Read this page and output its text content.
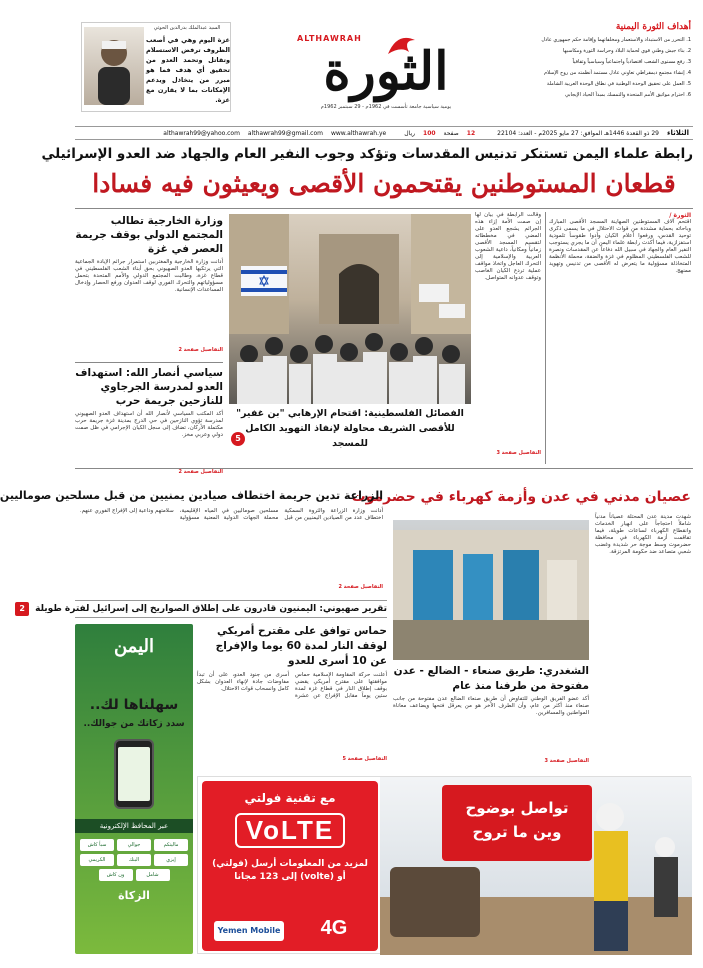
السيد عبدالملك بدرالدين الحوثي
غزة اليوم وهي في أصعب الظروف ترفض الاستسلام وتقاتل وتحمد العدو من تحقيق أي هدف فما هو مبرر من يتخاذل ويدعم الإمكانات بما لا يقارن مع غزة.
ALTHAWRAH
الثورة
يومية سياسية جامعة تأسست في 1962م - 29 سبتمبر 1962م
أهداف الثورة اليمنية
1. التحرر من الاستبداد والاستعمار ومخلفاتهما وإقامة حكم جمهوري عادل
2. بناء جيش وطني قوي لحماية البلاد وحراسة الثورة ومكاسبها
3. رفع مستوى الشعب اقتصادياً واجتماعياً وسياسياً وثقافياً
4. إنشاء مجتمع ديمقراطي تعاوني عادل مستمد أنظمته من روح الإسلام
5. العمل على تحقيق الوحدة الوطنية في نطاق الوحدة العربية الشاملة
6. احترام مواثيق الأمم المتحدة والتمسك بمبدأ الحياد الإيجابي
الثلاثاء
29 ذو القعدة 1446هـ الموافق: 27 مايو 2025م - العدد: 22104
12
صفحة
100
ريال
www.althawrah.ye
althawrah99@gmail.com
althawrah99@yahoo.com
رابطة علماء اليمن تستنكر تدنيس المقدسات وتؤكد وجوب النفير العام والجهاد ضد العدو الإسرائيلي
قطعان المستوطنين يقتحمون الأقصى ويعيثون فيه فسادا
الثورة /
اقتحم آلاف المستوطنين الصهاينة المسجد الأقصى المبارك وباحاته بحماية مشددة من قوات الاحتلال في ما يسمى ذكرى توحيد القدس، ورفعوا أعلام الكيان وأدوا طقوساً تلمودية استفزازية، فيما أكدت رابطة علماء اليمن أن ما يجري يستوجب النفير العام والجهاد في سبيل الله دفاعاً عن المقدسات ونصرة للشعب الفلسطيني المظلوم في غزة والضفة، محملة الأنظمة المتخاذلة مسؤولية ما يتعرض له الأقصى من تدنيس وتهويد ممنهج.
وقالت الرابطة في بيان لها إن صمت الأمة إزاء هذه الجرائم يشجع العدو على المضي في مخططاته لتقسيم المسجد الأقصى زمانياً ومكانياً، داعية الشعوب العربية والإسلامية إلى التحرك العاجل واتخاذ مواقف عملية تردع الكيان الغاصب وتوقف عدوانه المتواصل.
التفاصيل صفحة 3
الفصائل الفلسطينية: اقتحام الإرهابي "بن غفير" للأقصى الشريف محاولة لإنفاذ التهويد الكامل للمسجد
5
وزارة الخارجية تطالب المجتمع الدولي بوقف جريمة العصر في غزة
أدانت وزارة الخارجية والمغتربين استمرار جرائم الإبادة الجماعية التي يرتكبها العدو الصهيوني بحق أبناء الشعب الفلسطيني في قطاع غزة، وطالبت المجتمع الدولي والأمم المتحدة بتحمل مسؤولياتهم والتحرك الفوري لوقف العدوان ورفع الحصار وإدخال المساعدات الإنسانية.
التفاصيل صفحة 2
سياسي أنصار الله: استهداف العدو لمدرسة الجرجاوي للنازحين جريمة حرب
أكد المكتب السياسي لأنصار الله أن استهداف العدو الصهيوني لمدرسة تؤوي النازحين في حي الدرج بمدينة غزة جريمة حرب مكتملة الأركان، تضاف إلى سجل الكيان الإجرامي في ظل صمت دولي وعربي مخز.
التفاصيل صفحة 2
عصيان مدني في عدن وأزمة كهرباء في حضرموت
الزراعة تدين جريمة اختطاف صيادين يمنيين من قبل مسلحين صوماليين
شهدت مدينة عدن المحتلة عصياناً مدنياً شاملاً احتجاجاً على انهيار الخدمات وانقطاع الكهرباء لساعات طويلة، فيما تفاقمت أزمة الكهرباء في محافظة حضرموت وسط موجة حر شديدة وغضب شعبي متصاعد ضد حكومة المرتزقة.
الشغدري: طريق صنعاء - الضالع - عدن مفتوحة من طرفنا منذ عام
أكد عضو الفريق الوطني للتفاوض أن طريق صنعاء الضالع عدن مفتوحة من جانب صنعاء منذ أكثر من عام، وأن الطرف الآخر هو من يعرقل فتحها ويضاعف معاناة المواطنين والمسافرين.
التفاصيل صفحة 3
أدانت وزارة الزراعة والثروة السمكية اختطاف عدد من الصيادين اليمنيين من قبل مسلحين صوماليين في المياه الإقليمية، محملة الجهات الدولية المعنية مسؤولية سلامتهم وداعية إلى الإفراج الفوري عنهم.
التفاصيل صفحة 2
تقرير صهيوني: اليمنيون قادرون على إطلاق الصواريخ إلى إسرائيل لفترة طويلة
2
حماس توافق على مقترح أمريكي لوقف النار لمدة 60 يوما والإفراج عن 10 أسرى للعدو
أعلنت حركة المقاومة الإسلامية حماس موافقتها على مقترح أمريكي يقضي بوقف إطلاق النار في قطاع غزة لمدة ستين يوماً مقابل الإفراج عن عشرة أسرى من جنود العدو، على أن تبدأ مفاوضات جادة لإنهاء العدوان بشكل كامل وانسحاب قوات الاحتلال.
التفاصيل صفحة 5
اليمن
سهلناها لك..
سدد زكاتك من جوالك..
عبر المحافظ الإلكترونية
ماليتكم
جوالي
سبأ كاش
إيزي
البنك
الكريمي
شامل
ون كاش
الزكاة
تواصل بوضوح
وين ما تروح
مع تقنية فولتي
VoLTE
لمزيد من المعلومات أرسل (فولتي) أو (volte) إلى 123 مجانا
Yemen Mobile	4G
